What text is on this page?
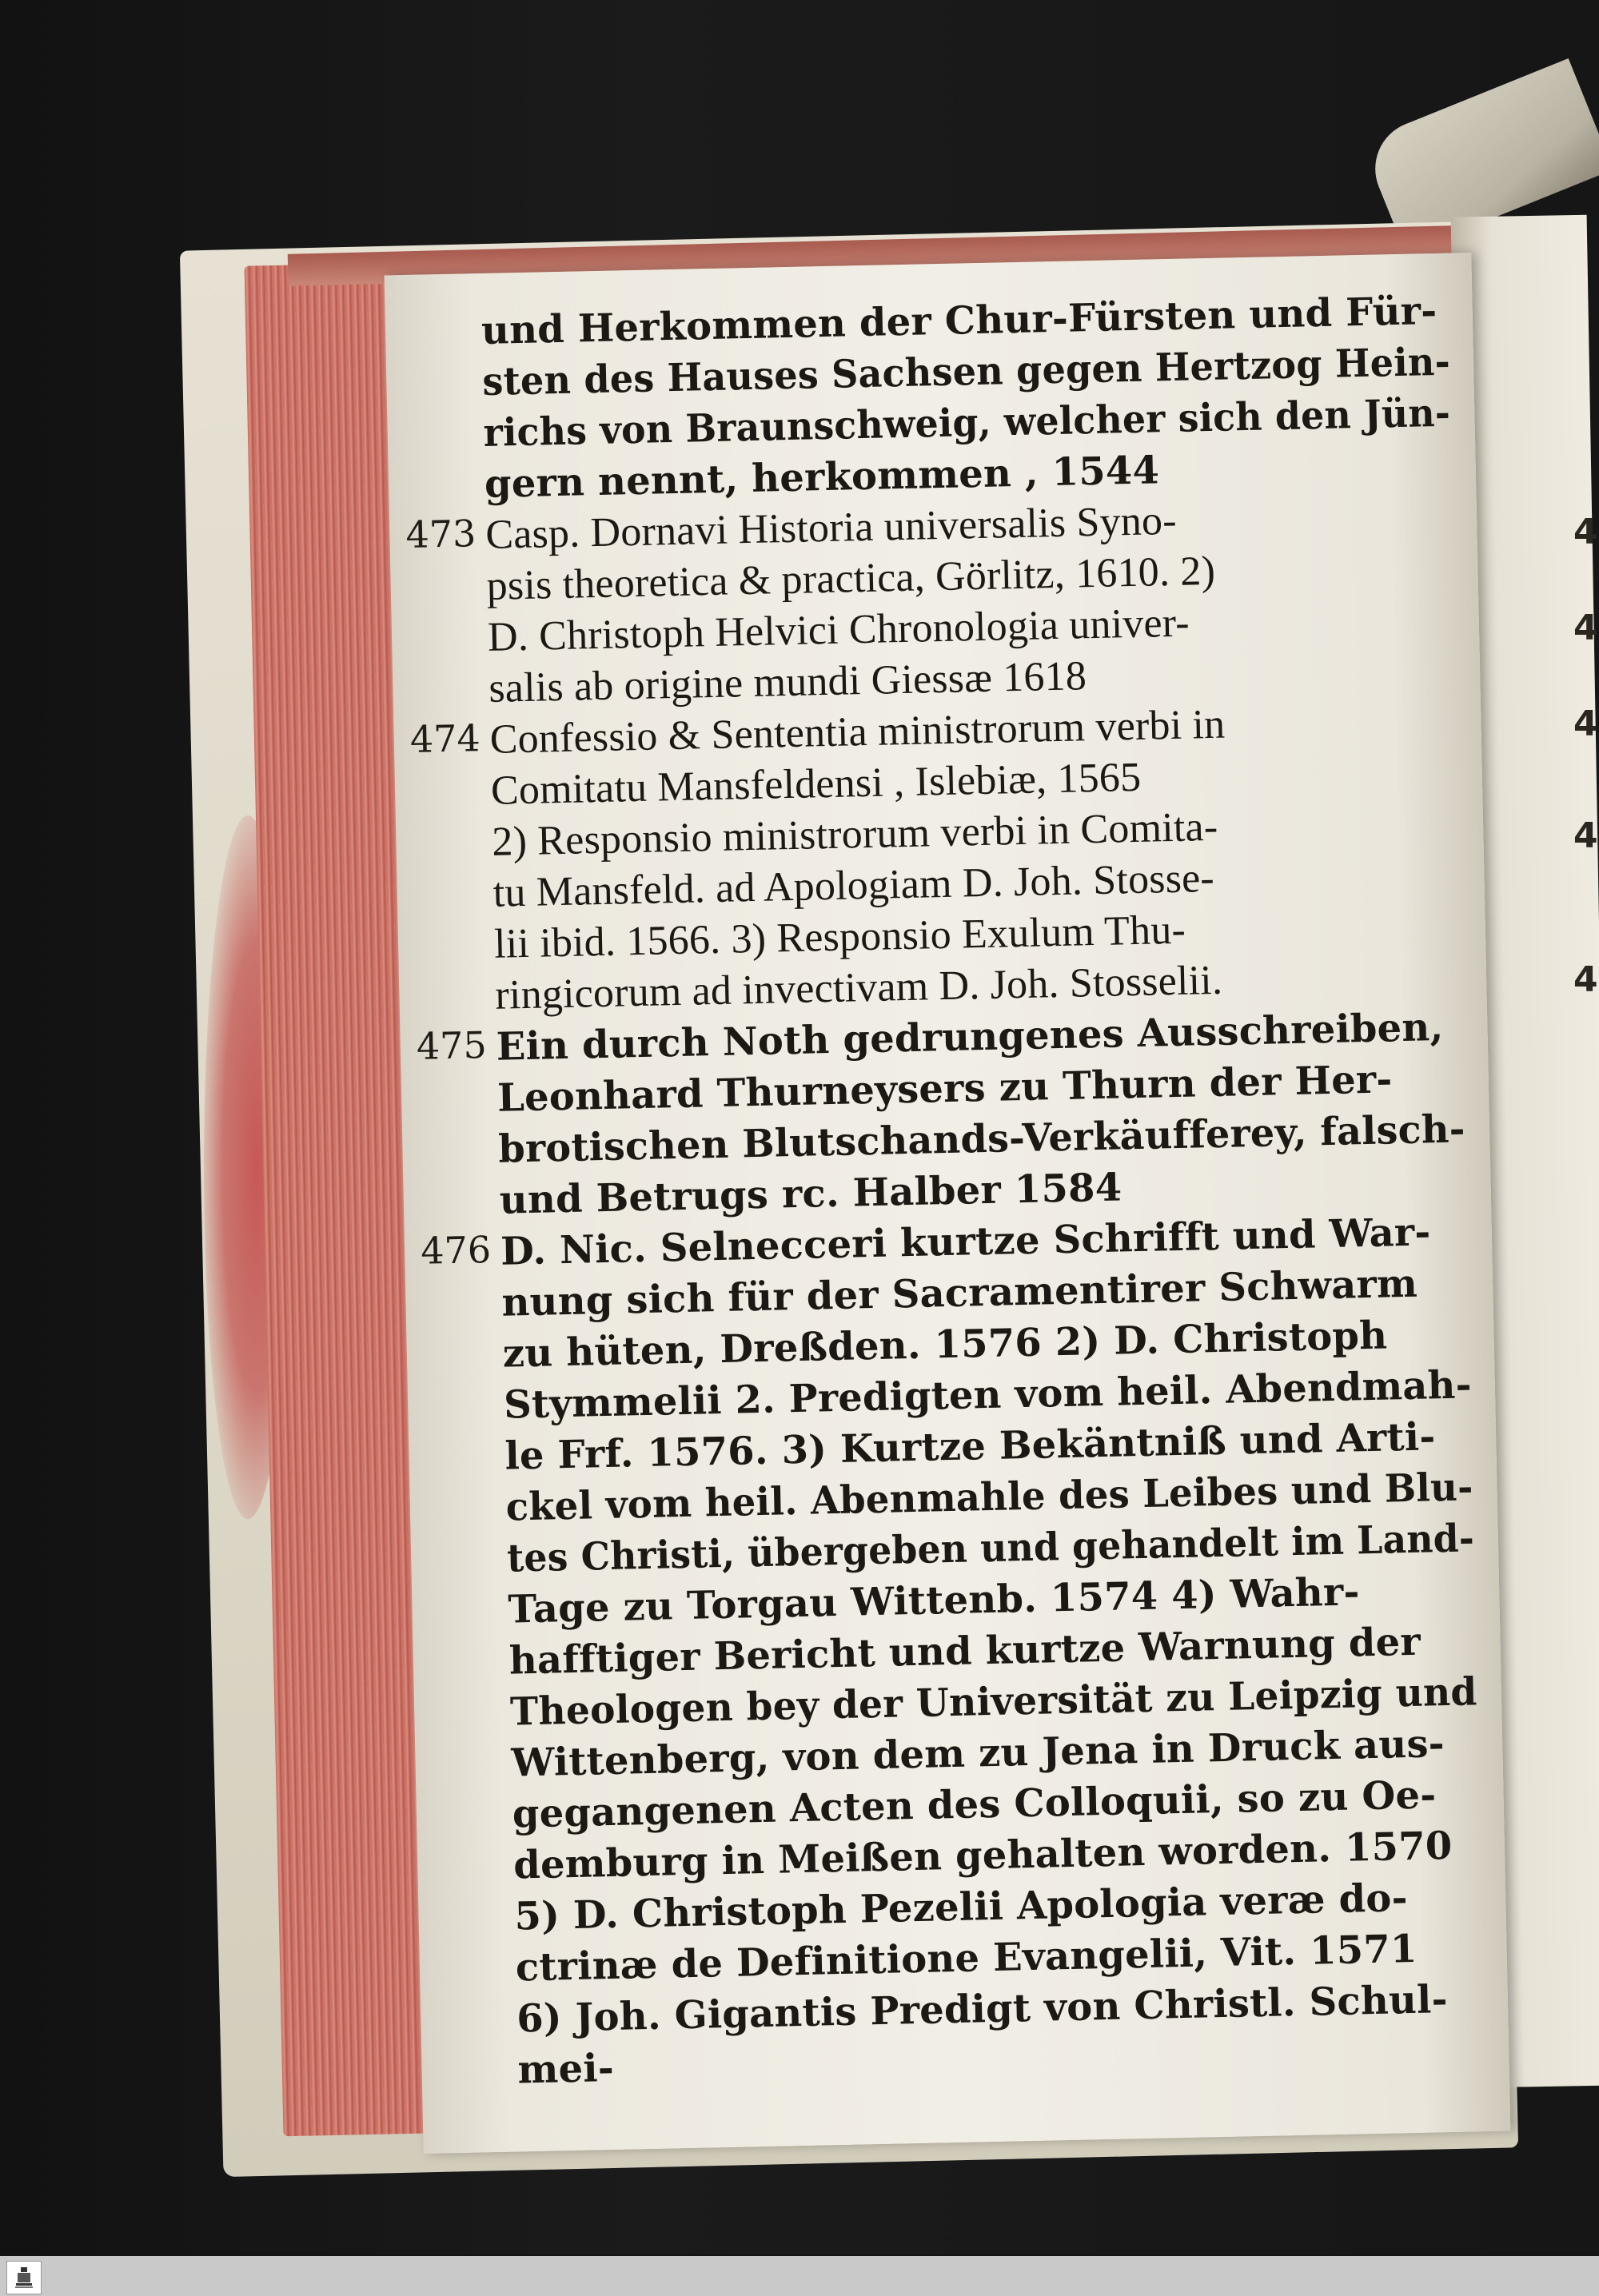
4
4
4
4
4
und Herkommen der Chur-Fürsten und Für-
sten des Hauses Sachsen gegen Hertzog Hein-
richs von Braunschweig, welcher sich den Jün-
gern nennt, herkommen , 1544
473 Casp. Dornavi Historia universalis Syno-
psis theoretica & practica, Görlitz, 1610. 2)
D. Christoph Helvici Chronologia univer-
salis ab origine mundi Giessæ 1618
474 Confessio & Sententia ministrorum verbi in
Comitatu Mansfeldensi , Islebiæ, 1565
2) Responsio ministrorum verbi in Comita-
tu Mansfeld. ad Apologiam D. Joh. Stosse-
lii ibid. 1566. 3) Responsio Exulum Thu-
ringicorum ad invectivam D. Joh. Stosselii.
475 Ein durch Noth gedrungenes Ausschreiben,
Leonhard Thurneysers zu Thurn der Her-
brotischen Blutschands-Verkäufferey, falsch-
und Betrugs rc. Halber 1584
476 D. Nic. Selnecceri kurtze Schrifft und War-
nung sich für der Sacramentirer Schwarm
zu hüten, Dreßden. 1576 2) D. Christoph
Stymmelii 2. Predigten vom heil. Abendmah-
le Frf. 1576. 3) Kurtze Bekäntniß und Arti-
ckel vom heil. Abenmahle des Leibes und Blu-
tes Christi, übergeben und gehandelt im Land-
Tage zu Torgau Wittenb. 1574 4) Wahr-
hafftiger Bericht und kurtze Warnung der
Theologen bey der Universität zu Leipzig und
Wittenberg, von dem zu Jena in Druck aus-
gegangenen Acten des Colloquii, so zu Oe-
demburg in Meißen gehalten worden. 1570
5) D. Christoph Pezelii Apologia veræ do-
ctrinæ de Definitione Evangelii, Vit. 1571
6) Joh. Gigantis Predigt von Christl. Schul-
mei-
